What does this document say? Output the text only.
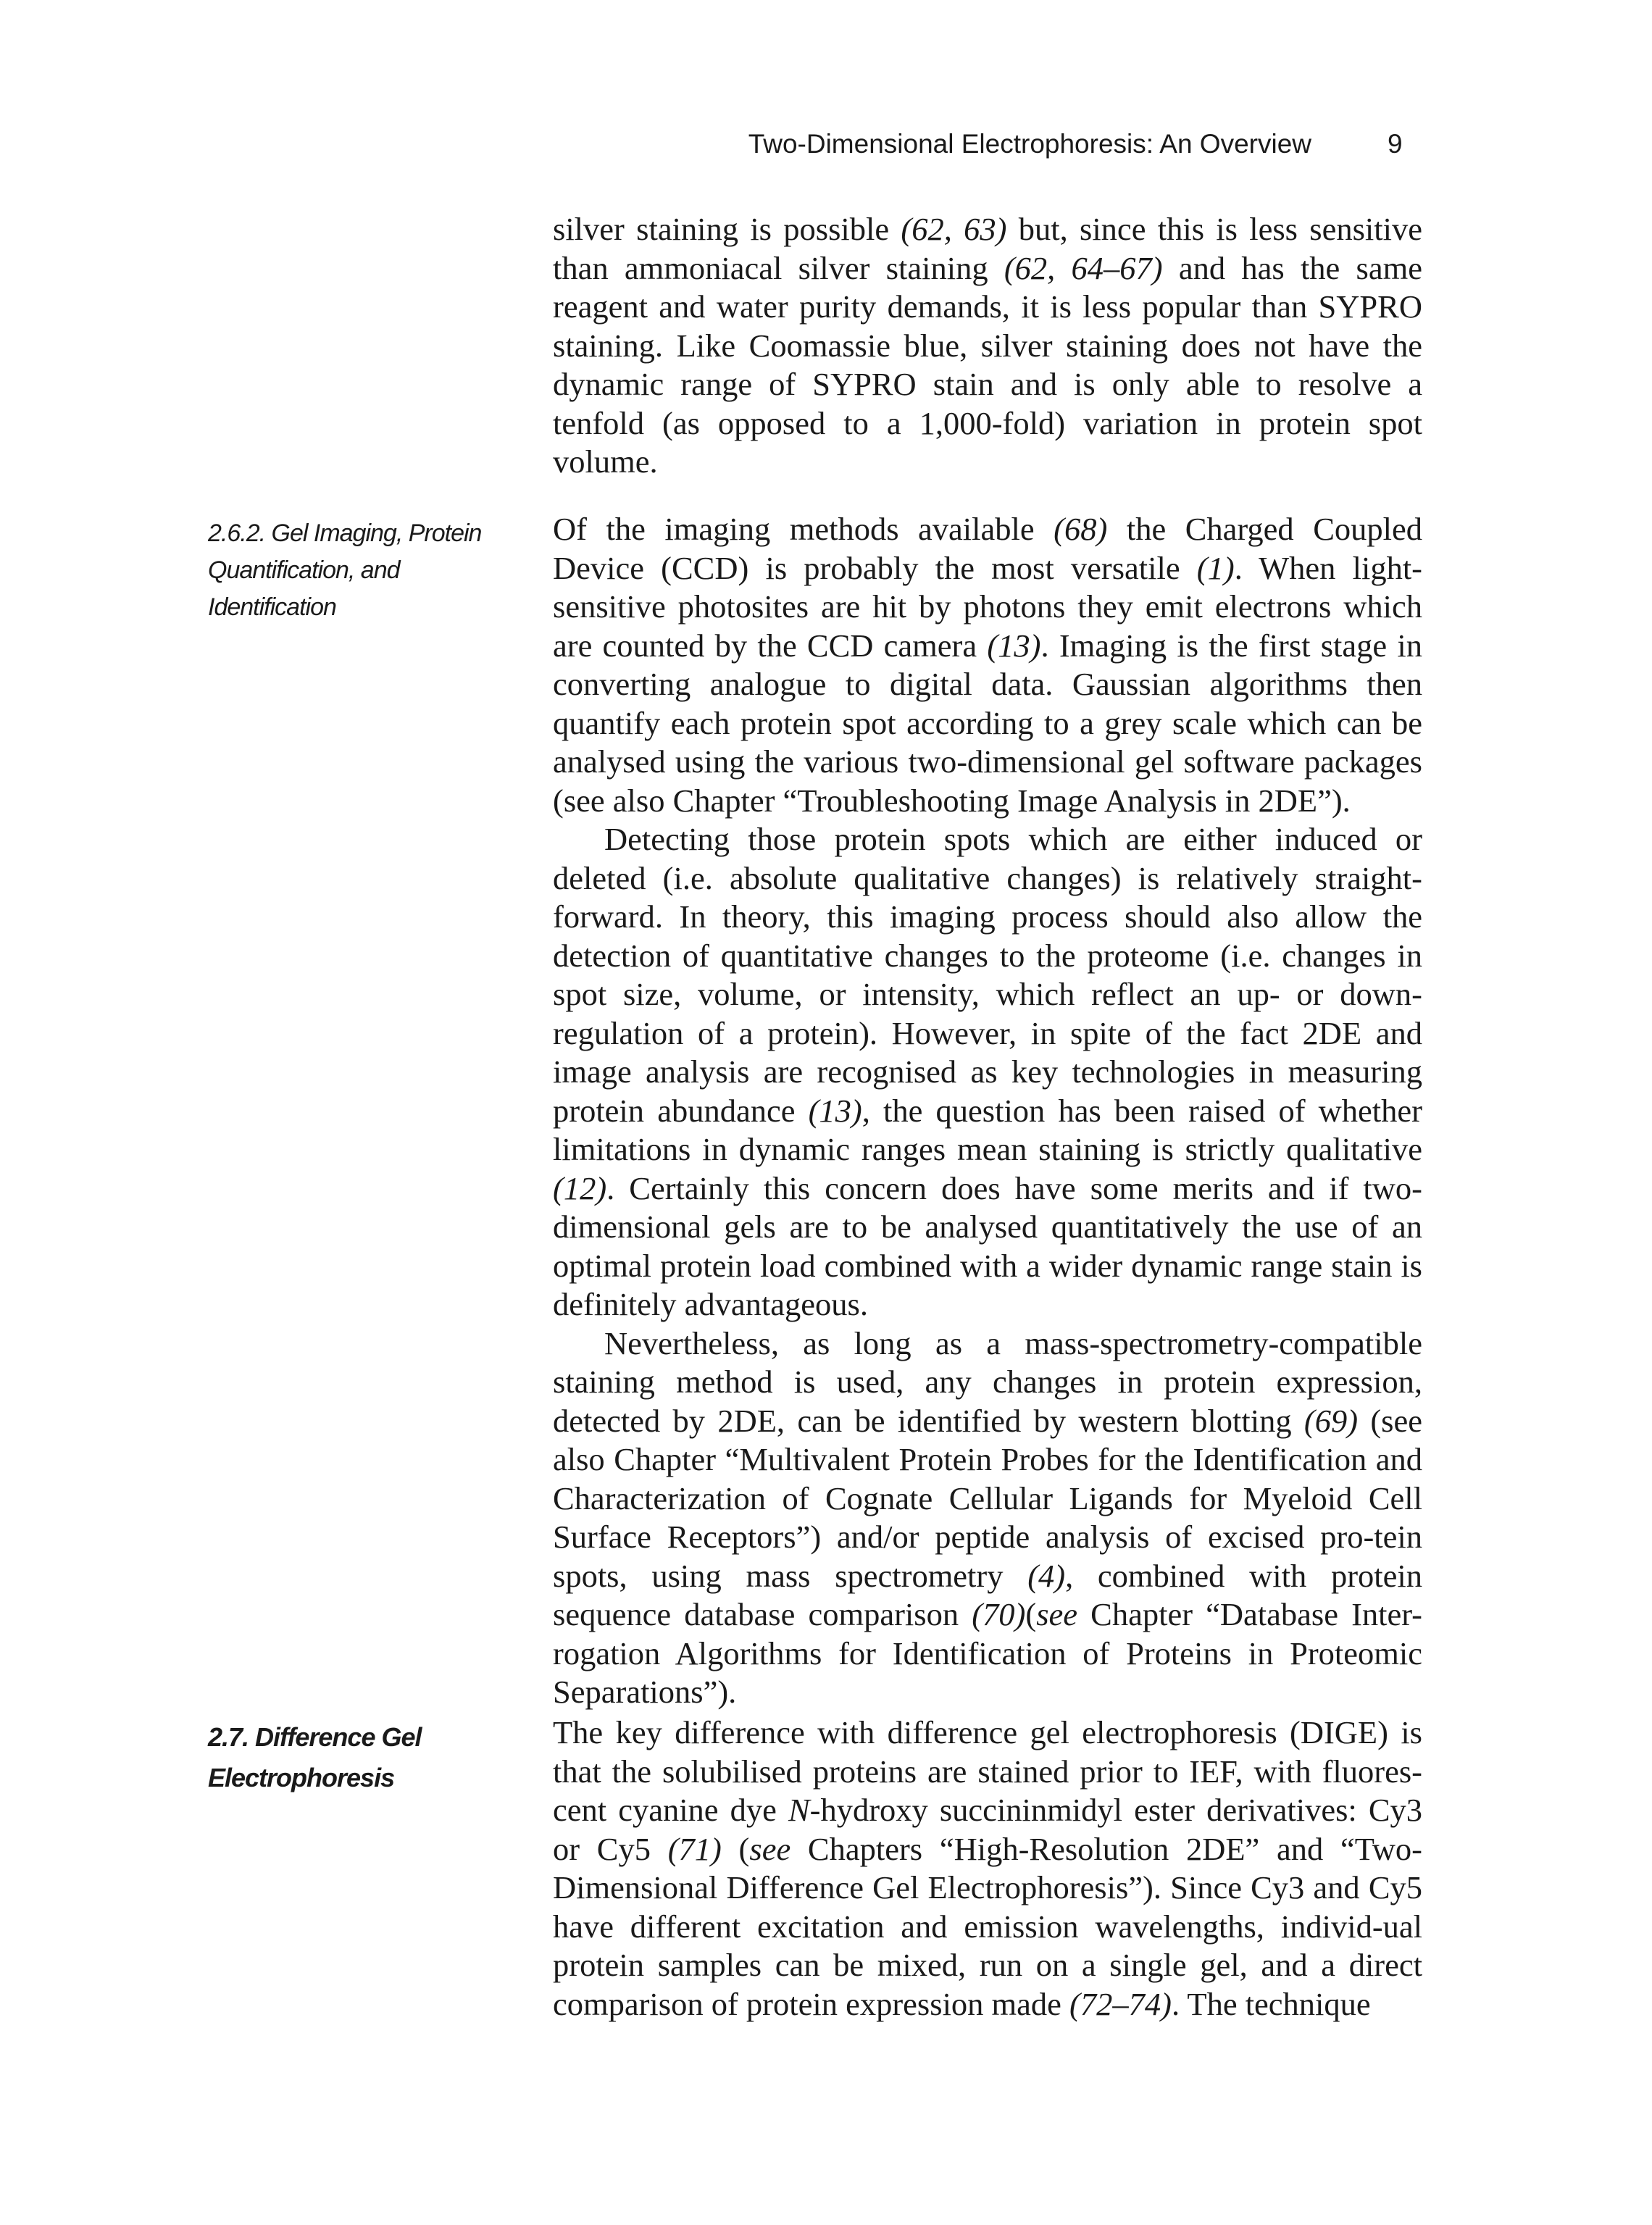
Two-Dimensional Electrophoresis: An Overview	9

silver staining is possible (62, 63) but, since this is less sensitive than ammoniacal silver staining (62, 64–67) and has the same reagent and water purity demands, it is less popular than SYPRO staining. Like Coomassie blue, silver staining does not have the dynamic range of SYPRO stain and is only able to resolve a tenfold (as opposed to a 1,000-fold) variation in protein spot volume.

2.6.2. Gel Imaging, Protein
Quantification, and
Identification

Of the imaging methods available (68) the Charged Coupled Device (CCD) is probably the most versatile (1). When light-sensitive photosites are hit by photons they emit electrons which are counted by the CCD camera (13). Imaging is the first stage in converting analogue to digital data. Gaussian algorithms then quantify each protein spot according to a grey scale which can be analysed using the various two-dimensional gel software packages (see also Chapter “Troubleshooting Image Analysis in 2DE”).

Detecting those protein spots which are either induced or deleted (i.e. absolute qualitative changes) is relatively straight-forward. In theory, this imaging process should also allow the detection of quantitative changes to the proteome (i.e. changes in spot size, volume, or intensity, which reflect an up- or down-regulation of a protein). However, in spite of the fact 2DE and image analysis are recognised as key technologies in measuring protein abundance (13), the question has been raised of whether limitations in dynamic ranges mean staining is strictly qualitative (12). Certainly this concern does have some merits and if two-dimensional gels are to be analysed quantitatively the use of an optimal protein load combined with a wider dynamic range stain is definitely advantageous.

Nevertheless, as long as a mass-spectrometry-compatible staining method is used, any changes in protein expression, detected by 2DE, can be identified by western blotting (69) (see also Chapter “Multivalent Protein Probes for the Identification and Characterization of Cognate Cellular Ligands for Myeloid Cell Surface Receptors”) and/or peptide analysis of excised pro-tein spots, using mass spectrometry (4), combined with protein sequence database comparison (70)(see Chapter “Database Inter-rogation Algorithms for Identification of Proteins in Proteomic Separations”).

2.7. Difference Gel
Electrophoresis

The key difference with difference gel electrophoresis (DIGE) is that the solubilised proteins are stained prior to IEF, with fluores-cent cyanine dye N-hydroxy succininmidyl ester derivatives: Cy3 or Cy5 (71) (see Chapters “High-Resolution 2DE” and “Two-Dimensional Difference Gel Electrophoresis”). Since Cy3 and Cy5 have different excitation and emission wavelengths, individ-ual protein samples can be mixed, run on a single gel, and a direct comparison of protein expression made (72–74). The technique
